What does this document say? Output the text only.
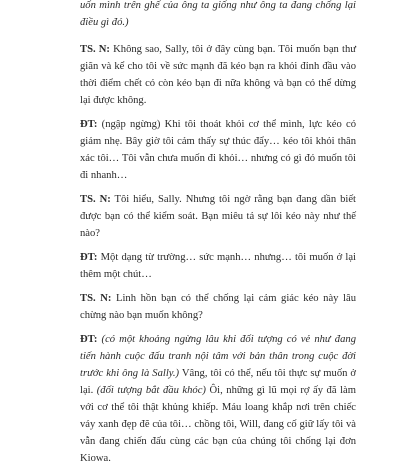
uốn mình trên ghế của ông ta giống như ông ta đang chống lại điều gì đó.)

TS. N: Không sao, Sally, tôi ở đây cùng bạn. Tôi muốn bạn thư giãn và kể cho tôi về sức mạnh đã kéo bạn ra khỏi đỉnh đầu vào thời điểm chết có còn kéo bạn đi nữa không và bạn có thể dừng lại được không.

ĐT: (ngập ngừng) Khi tôi thoát khỏi cơ thể mình, lực kéo có giảm nhẹ. Bây giờ tôi cảm thấy sự thúc đẩy… kéo tôi khỏi thân xác tôi… Tôi vẫn chưa muốn đi khỏi… nhưng có gì đó muốn tôi đi nhanh…

TS. N: Tôi hiểu, Sally. Nhưng tôi ngờ rằng bạn đang dần biết được bạn có thể kiểm soát. Bạn miêu tả sự lôi kéo này như thế nào?

ĐT: Một dạng từ trường… sức mạnh… nhưng… tôi muốn ở lại thêm một chút…

TS. N: Linh hồn bạn có thể chống lại cảm giác kéo này lâu chừng nào bạn muốn không?

ĐT: (có một khoảng ngừng lâu khi đối tượng có vẻ như đang tiến hành cuộc đấu tranh nội tâm với bản thân trong cuộc đời trước khi ông là Sally.) Vâng, tôi có thể, nếu tôi thực sự muốn ở lại. (đối tượng bắt đầu khóc) Ôi, những gì lũ mọi rợ ấy đã làm với cơ thể tôi thật khủng khiếp. Máu loang khắp nơi trên chiếc váy xanh đẹp đẽ của tôi… chồng tôi, Will, đang cố giữ lấy tôi và vẫn đang chiến đấu cùng các bạn của chúng tôi chống lại đơn Kiowa.
